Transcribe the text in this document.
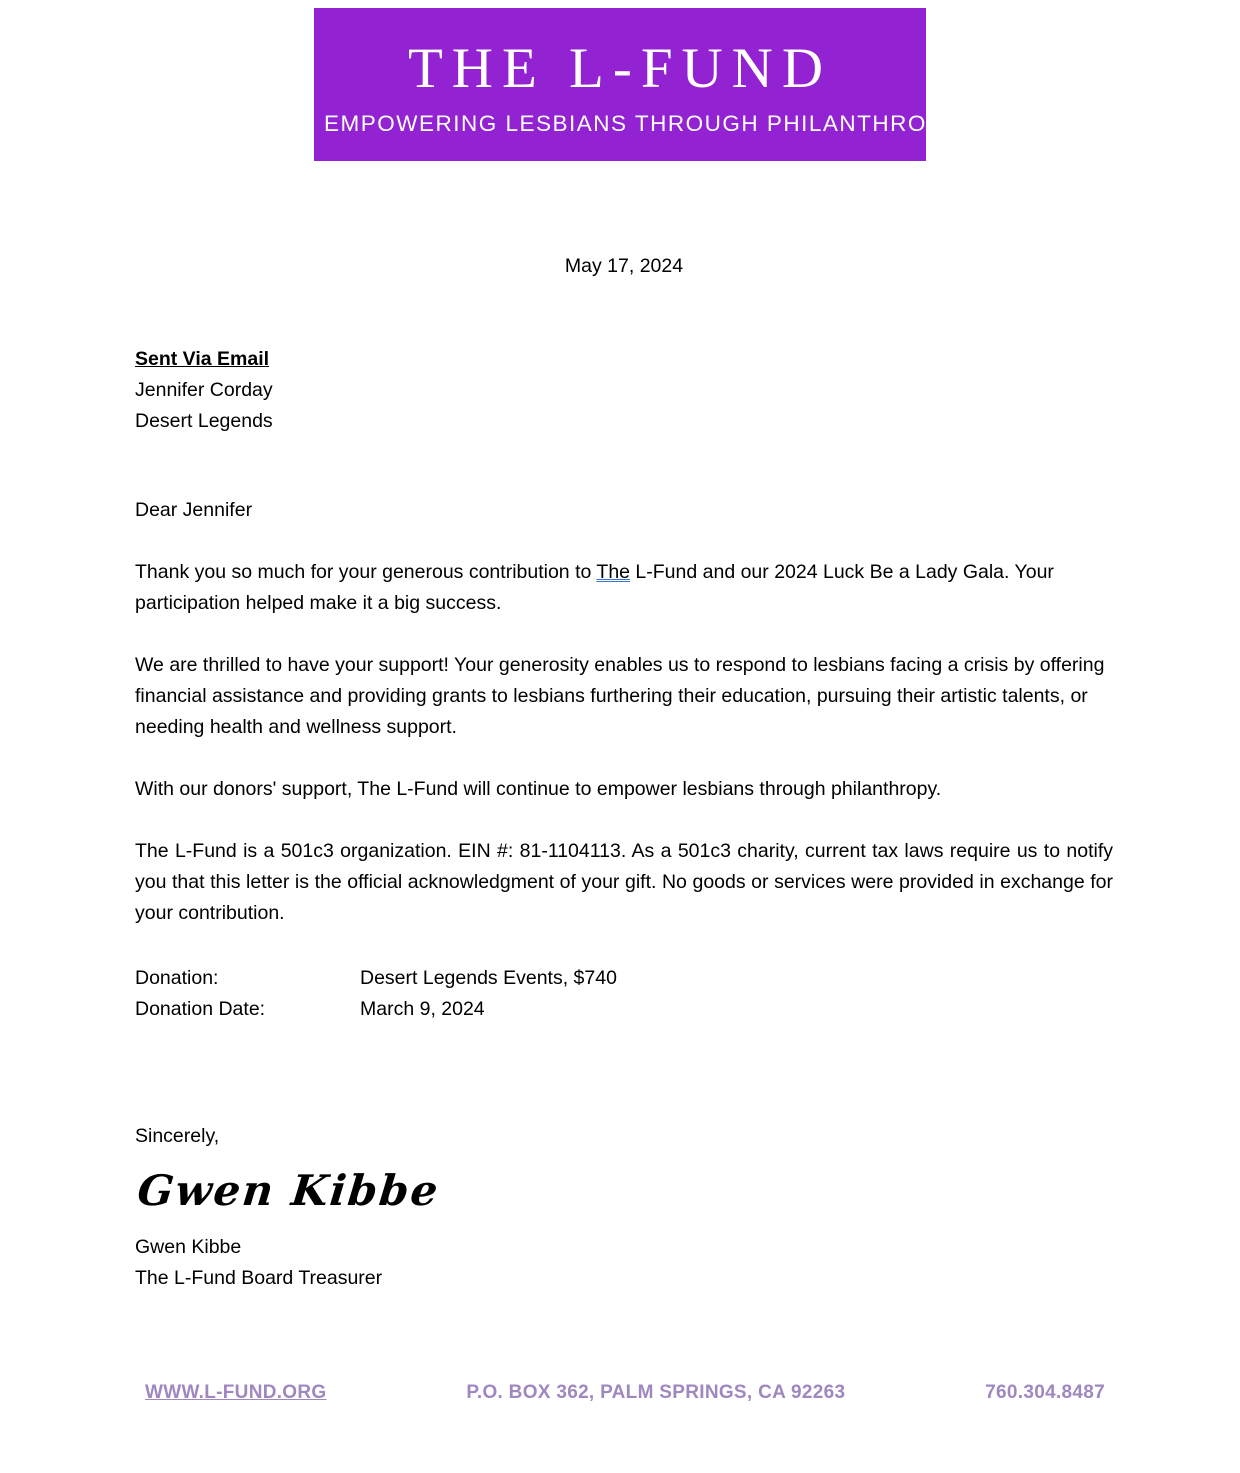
THE L-FUND
EMPOWERING LESBIANS THROUGH PHILANTHROPY
May 17, 2024
Sent Via Email
Jennifer Corday
Desert Legends
Dear Jennifer

Thank you so much for your generous contribution to The L-Fund and our 2024 Luck Be a Lady Gala. Your participation helped make it a big success.

We are thrilled to have your support! Your generosity enables us to respond to lesbians facing a crisis by offering financial assistance and providing grants to lesbians furthering their education, pursuing their artistic talents, or needing health and wellness support.

With our donors' support, The L-Fund will continue to empower lesbians through philanthropy.

The L-Fund is a 501c3 organization. EIN #: 81-1104113. As a 501c3 charity, current tax laws require us to notify you that this letter is the official acknowledgment of your gift. No goods or services were provided in exchange for your contribution.

Donation:	Desert Legends Events, $740
Donation Date:	March 9, 2024
Sincerely,
Gwen Kibbe
Gwen Kibbe
The L-Fund Board Treasurer
WWW.L-FUND.ORG	P.O. BOX 362, PALM SPRINGS, CA 92263	760.304.8487
